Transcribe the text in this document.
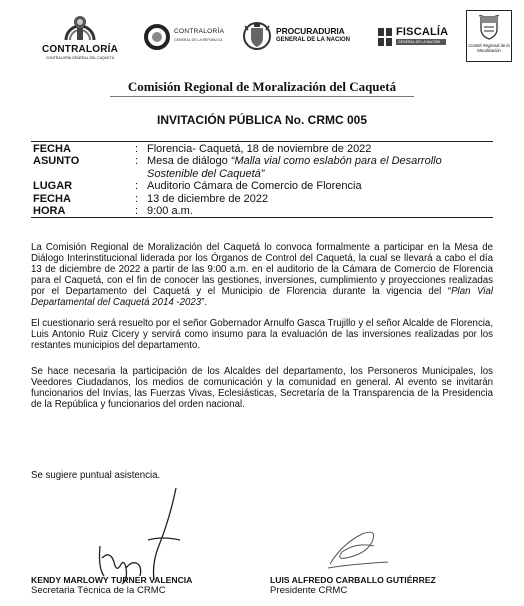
CONTRALORÍA
CONTRALORÍA GENERAL DEL CAQUETÁ
CONTRALORÍA
GENERAL DE LA REPÚBLICA
PROCURADURIA
GENERAL DE LA NACION
FISCALÍA
GENERAL DE LA NACIÓN
Comité Regional de la Moralización
Comisión Regional de Moralización del Caquetá
INVITACIÓN PÚBLICA No. CRMC 005
FECHA	: Florencia- Caquetá, 18 de noviembre de 2022
ASUNTO	: Mesa de diálogo “Malla vial como eslabón para el Desarrollo Sostenible del Caquetá”
LUGAR	: Auditorio Cámara de Comercio de Florencia
FECHA	: 13 de diciembre de 2022
HORA	: 9:00 a.m.

La Comisión Regional de Moralización del Caquetá lo convoca formalmente a participar en la Mesa de Diálogo Interinstitucional liderada por los Órganos de Control del Caquetá, la cual se llevará a cabo el día 13 de diciembre de 2022 a partir de las 9:00 a.m. en el auditorio de la Cámara de Comercio de Florencia para el Caquetá, con el fin de conocer las gestiones, inversiones, cumplimiento y proyecciones realizadas por el Departamento del Caquetá y el Municipio de Florencia durante la vigencia del “Plan Vial Departamental del Caquetá 2014 -2023”.

El cuestionario será resuelto por el señor Gobernador Arnulfo Gasca Trujillo y el señor Alcalde de Florencia, Luis Antonio Ruiz Cicery y servirá como insumo para la evaluación de las inversiones realizadas por los restantes municipios del departamento.

Se hace necesaria la participación de los Alcaldes del departamento, los Personeros Municipales, los Veedores Ciudadanos, los medios de comunicación y la comunidad en general. Al evento se invitarán funcionarios del Invías, las Fuerzas Vivas, Eclesiásticas, Secretaría de la Transparencia de la Presidencia de la República y funcionarios del orden nacional.

Se sugiere puntual asistencia.

KENDY MARLOWY TURNER VALENCIA
Secretaria Técnica de la CRMC
LUIS ALFREDO CARBALLO GUTIÉRREZ
Presidente CRMC
